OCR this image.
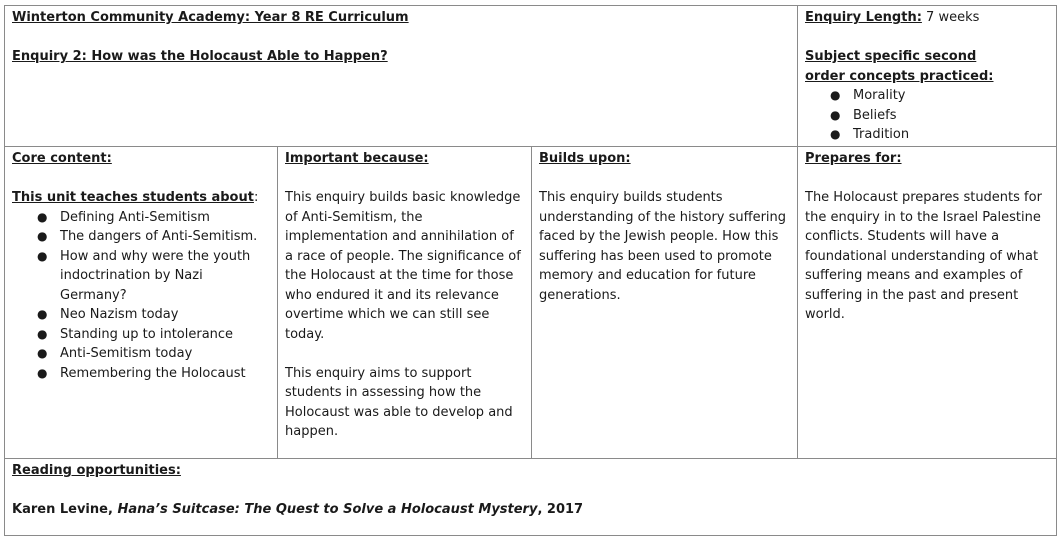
Winterton Community Academy: Year 8 RE Curriculum
Enquiry 2: How was the Holocaust Able to Happen?
Enquiry Length: 7 weeks
Subject specific second order concepts practiced:
● Morality
● Beliefs
● Tradition
Core content:
This unit teaches students about:
● Defining Anti-Semitism
● The dangers of Anti-Semitism.
● How and why were the youth indoctrination by Nazi Germany?
● Neo Nazism today
● Standing up to intolerance
● Anti-Semitism today
● Remembering the Holocaust
Important because:

This enquiry builds basic knowledge of Anti-Semitism, the implementation and annihilation of a race of people. The significance of the Holocaust at the time for those who endured it and its relevance overtime which we can still see today.

This enquiry aims to support students in assessing how the Holocaust was able to develop and happen.

Builds upon:

This enquiry builds students understanding of the history suffering faced by the Jewish people. How this suffering has been used to promote memory and education for future generations.

Prepares for:

The Holocaust prepares students for the enquiry in to the Israel Palestine conflicts. Students will have a foundational understanding of what suffering means and examples of suffering in the past and present world.

Reading opportunities:
Karen Levine, Hana’s Suitcase: The Quest to Solve a Holocaust Mystery, 2017
